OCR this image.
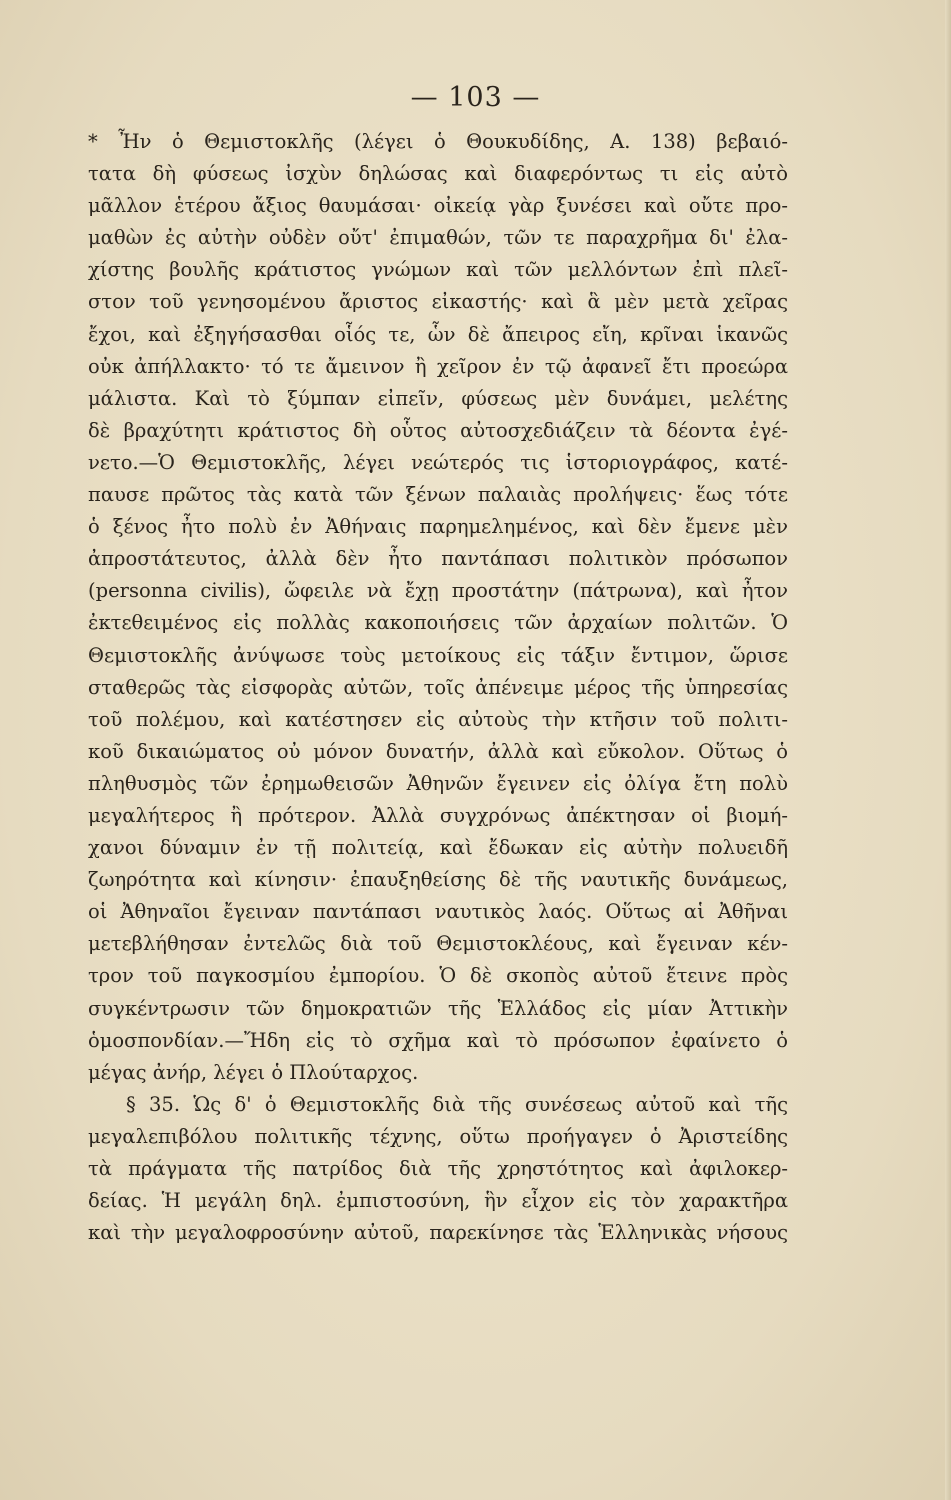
— 103 —
* Ἦν ὁ Θεμιστοκλῆς (λέγει ὁ Θουκυδίδης, Α. 138) βεβαιό-
τατα δὴ φύσεως ἰσχὺν δηλώσας καὶ διαφερόντως τι εἰς αὐτὸ
μᾶλλον ἑτέρου ἄξιος θαυμάσαι· οἰκείᾳ γὰρ ξυνέσει καὶ οὔτε προ-
μαθὼν ἐς αὐτὴν οὐδὲν οὔτ' ἐπιμαθών, τῶν τε παραχρῆμα δι' ἐλα-
χίστης βουλῆς κράτιστος γνώμων καὶ τῶν μελλόντων ἐπὶ πλεῖ-
στον τοῦ γενησομένου ἄριστος εἰκαστής· καὶ ἃ μὲν μετὰ χεῖρας
ἔχοι, καὶ ἐξηγήσασθαι οἷός τε, ὧν δὲ ἄπειρος εἴη, κρῖναι ἱκανῶς
οὐκ ἀπήλλακτο· τό τε ἄμεινον ἢ χεῖρον ἐν τῷ ἀφανεῖ ἔτι προεώρα
μάλιστα. Καὶ τὸ ξύμπαν εἰπεῖν, φύσεως μὲν δυνάμει, μελέτης
δὲ βραχύτητι κράτιστος δὴ οὗτος αὐτοσχεδιάζειν τὰ δέοντα ἐγέ-
νετο.—Ὁ Θεμιστοκλῆς, λέγει νεώτερός τις ἱστοριογράφος, κατέ-
παυσε πρῶτος τὰς κατὰ τῶν ξένων παλαιὰς προλήψεις· ἕως τότε
ὁ ξένος ἦτο πολὺ ἐν Ἀθήναις παρημελημένος, καὶ δὲν ἔμενε μὲν
ἀπροστάτευτος, ἀλλὰ δὲν ἦτο παντάπασι πολιτικὸν πρόσωπον
(personna civilis), ὤφειλε νὰ ἔχῃ προστάτην (πάτρωνα), καὶ ἦτον
ἐκτεθειμένος εἰς πολλὰς κακοποιήσεις τῶν ἀρχαίων πολιτῶν. Ὁ
Θεμιστοκλῆς ἀνύψωσε τοὺς μετοίκους εἰς τάξιν ἔντιμον, ὥρισε
σταθερῶς τὰς εἰσφορὰς αὐτῶν, τοῖς ἀπένειμε μέρος τῆς ὑπηρεσίας
τοῦ πολέμου, καὶ κατέστησεν εἰς αὐτοὺς τὴν κτῆσιν τοῦ πολιτι-
κοῦ δικαιώματος οὐ μόνον δυνατήν, ἀλλὰ καὶ εὔκολον. Οὕτως ὁ
πληθυσμὸς τῶν ἐρημωθεισῶν Ἀθηνῶν ἔγεινεν εἰς ὀλίγα ἔτη πολὺ
μεγαλήτερος ἢ πρότερον. Ἀλλὰ συγχρόνως ἀπέκτησαν οἱ βιομή-
χανοι δύναμιν ἐν τῇ πολιτείᾳ, καὶ ἔδωκαν εἰς αὐτὴν πολυειδῆ
ζωηρότητα καὶ κίνησιν· ἐπαυξηθείσης δὲ τῆς ναυτικῆς δυνάμεως,
οἱ Ἀθηναῖοι ἔγειναν παντάπασι ναυτικὸς λαός. Οὕτως αἱ Ἀθῆναι
μετεβλήθησαν ἐντελῶς διὰ τοῦ Θεμιστοκλέους, καὶ ἔγειναν κέν-
τρον τοῦ παγκοσμίου ἐμπορίου. Ὁ δὲ σκοπὸς αὐτοῦ ἔτεινε πρὸς
συγκέντρωσιν τῶν δημοκρατιῶν τῆς Ἑλλάδος εἰς μίαν Ἀττικὴν
ὁμοσπονδίαν.—Ἤδη εἰς τὸ σχῆμα καὶ τὸ πρόσωπον ἐφαίνετο ὁ
μέγας ἀνήρ, λέγει ὁ Πλούταρχος.
§ 35. Ὡς δ' ὁ Θεμιστοκλῆς διὰ τῆς συνέσεως αὐτοῦ καὶ τῆς
μεγαλεπιβόλου πολιτικῆς τέχνης, οὕτω προήγαγεν ὁ Ἀριστείδης
τὰ πράγματα τῆς πατρίδος διὰ τῆς χρηστότητος καὶ ἀφιλοκερ-
δείας. Ἡ μεγάλη δηλ. ἐμπιστοσύνη, ἣν εἶχον εἰς τὸν χαρακτῆρα
καὶ τὴν μεγαλοφροσύνην αὐτοῦ, παρεκίνησε τὰς Ἑλληνικὰς νήσους
